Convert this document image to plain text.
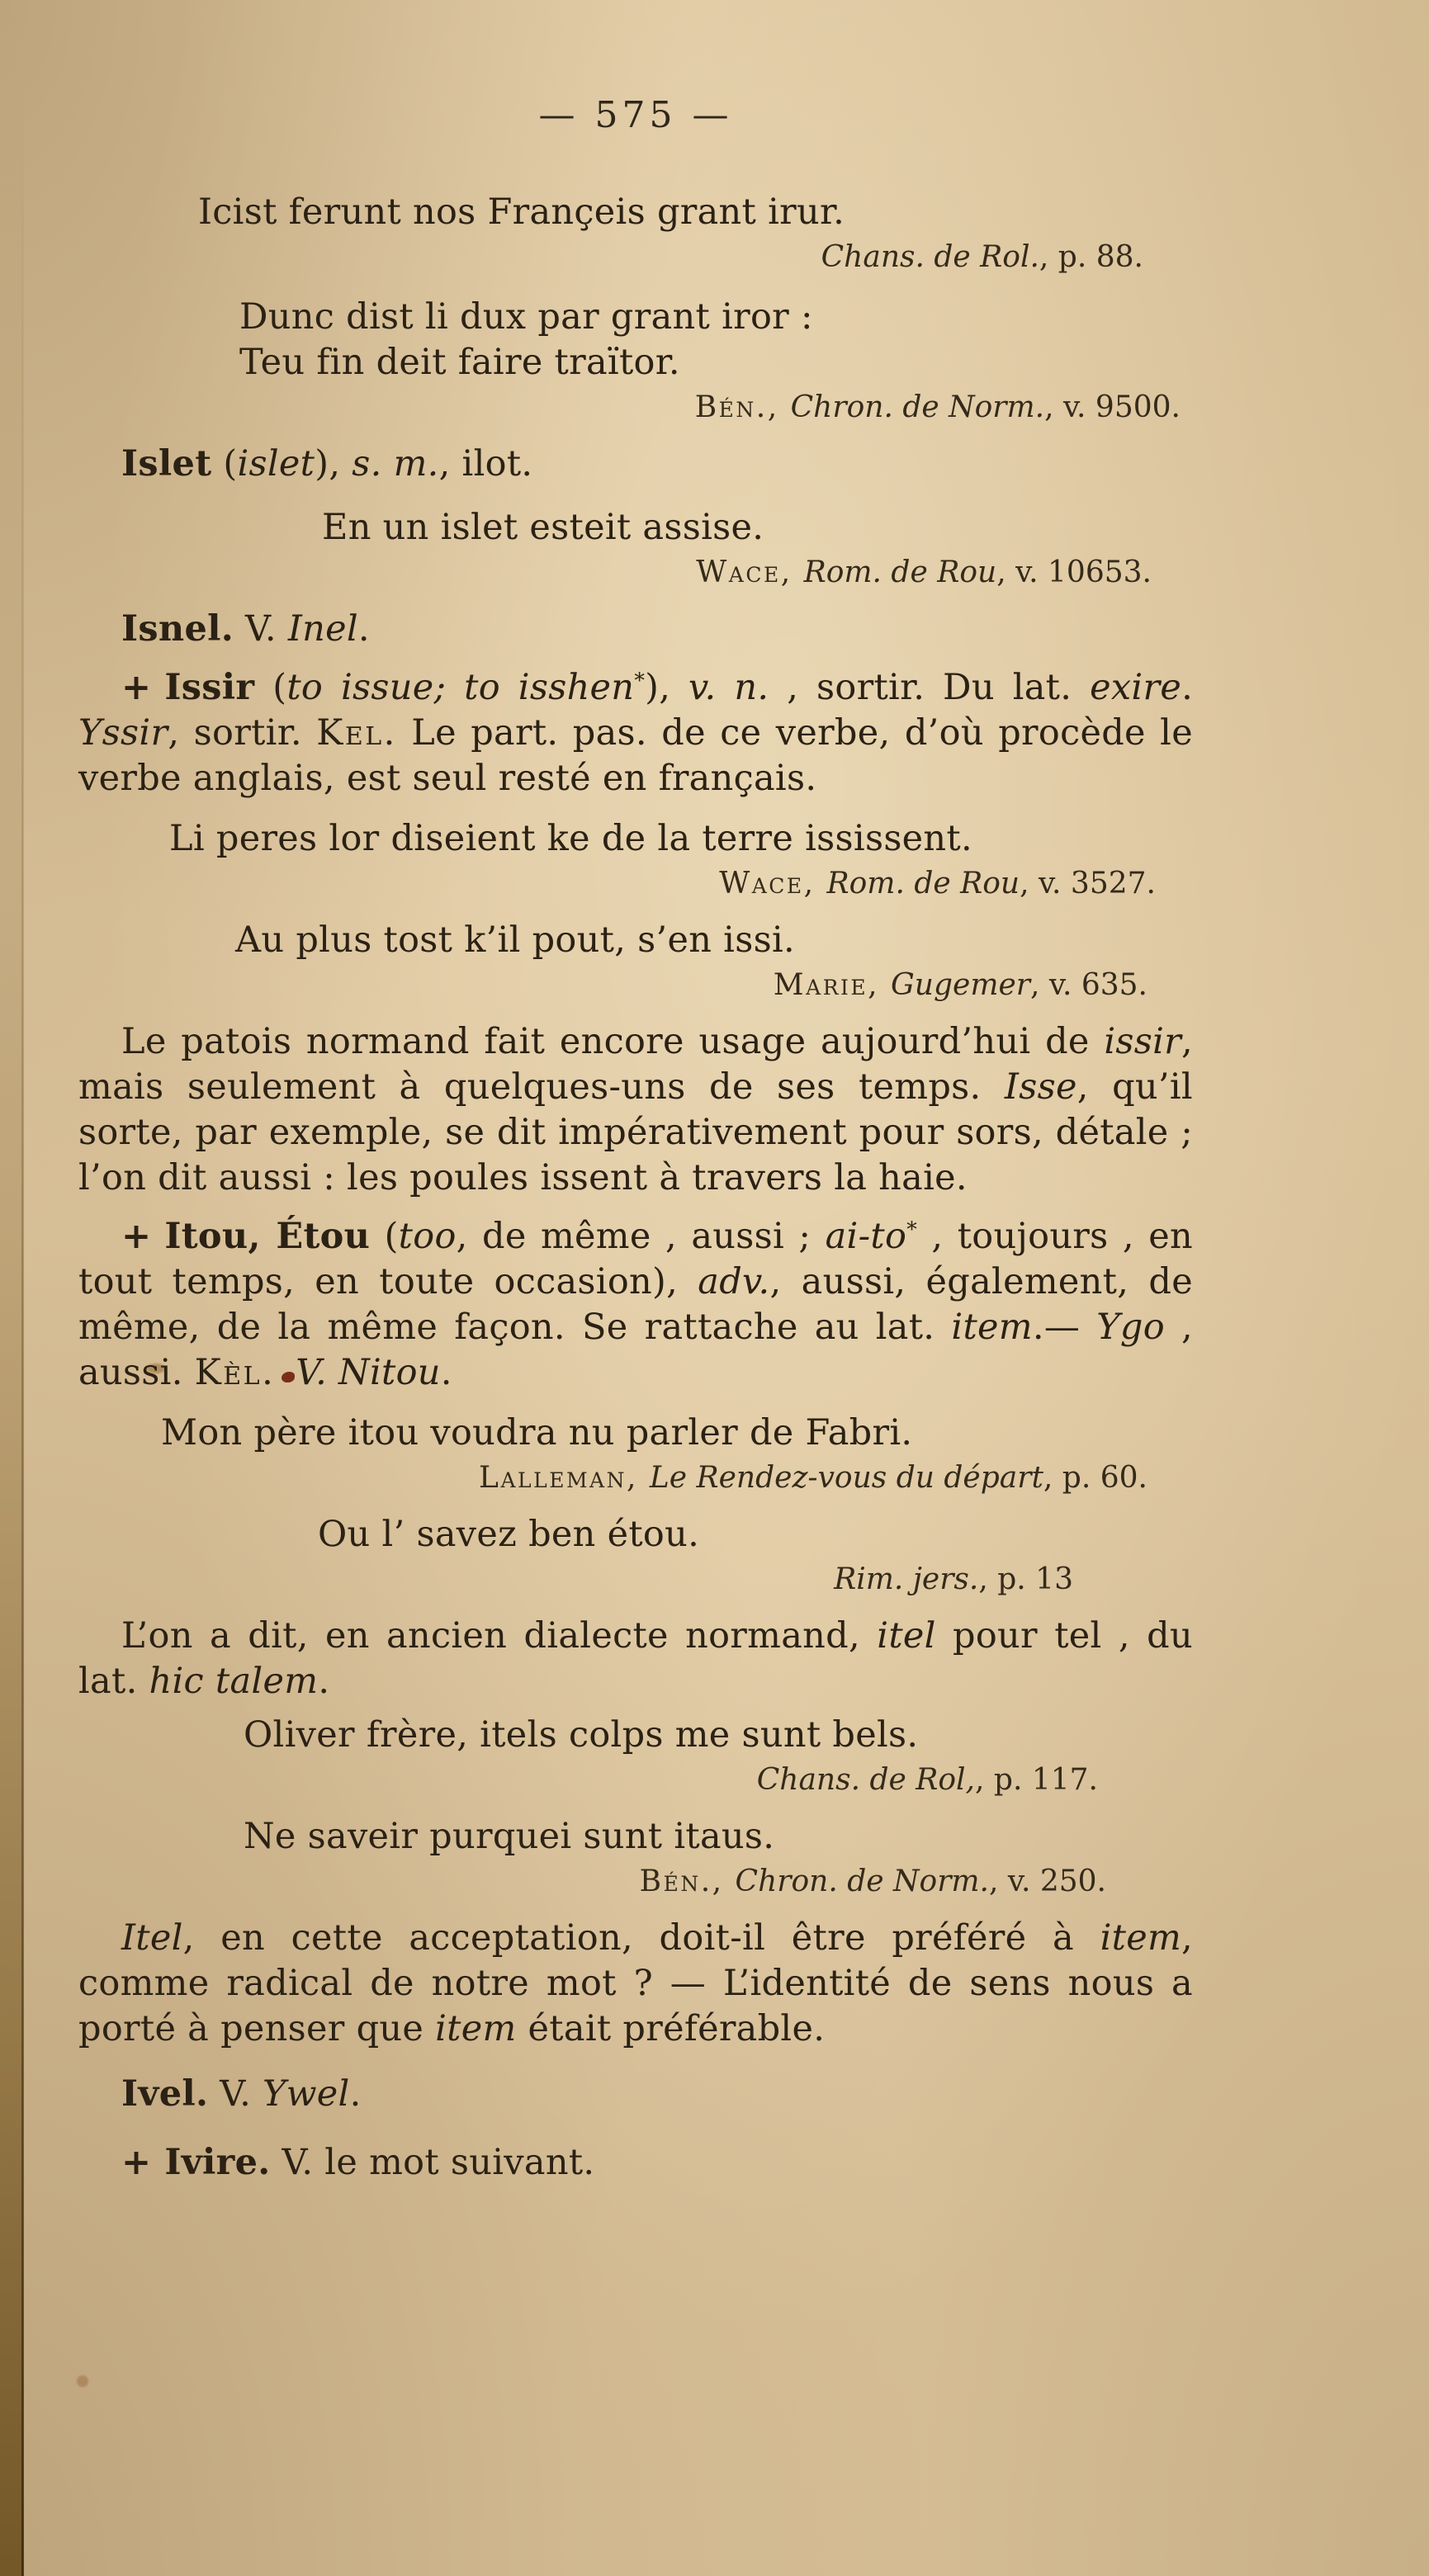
— 575 —

Icist ferunt nos Françeis grant irur.

Chans. de Rol., p. 88.

Dunc dist li dux par grant iror :

Teu fin deit faire traïtor.

Bén., Chron. de Norm., v. 9500.

Islet (islet), s. m., ilot.

En un islet esteit assise.

Wace, Rom. de Rou, v. 10653.

Isnel. V. Inel.

+ Issir (to issue; to isshen*), v. n. , sortir. Du lat. exire. Yssir, sortir. Kel. Le part. pas. de ce verbe, d’où procède le verbe anglais, est seul resté en français.

Li peres lor diseient ke de la terre ississent.

Wace, Rom. de Rou, v. 3527.

Au plus tost k’il pout, s’en issi.

Marie, Gugemer, v. 635.

Le patois normand fait encore usage aujourd’hui de issir, mais seulement à quelques-uns de ses temps. Isse, qu’il sorte, par exemple, se dit impérativement pour sors, détale ; l’on dit aussi : les poules issent à travers la haie.

+ Itou, Étou (too, de même , aussi ; ai-to* , toujours , en tout temps, en toute occasion), adv., aussi, également, de même, de la même façon. Se rattache au lat. item.— Ygo , aussi. Kèl. V. Nitou.

Mon père itou voudra nu parler de Fabri.

Lalleman, Le Rendez-vous du départ, p. 60.

Ou l’ savez ben étou.

Rim. jers., p. 13

L’on a dit, en ancien dialecte normand, itel pour tel , du lat. hic talem.

Oliver frère, itels colps me sunt bels.

Chans. de Rol,, p. 117.

Ne saveir purquei sunt itaus.

Bén., Chron. de Norm., v. 250.

Itel, en cette acceptation, doit-il être préféré à item, comme radical de notre mot ? — L’identité de sens nous a porté à penser que item était préférable.

Ivel. V. Ywel.

+ Ivire. V. le mot suivant.
